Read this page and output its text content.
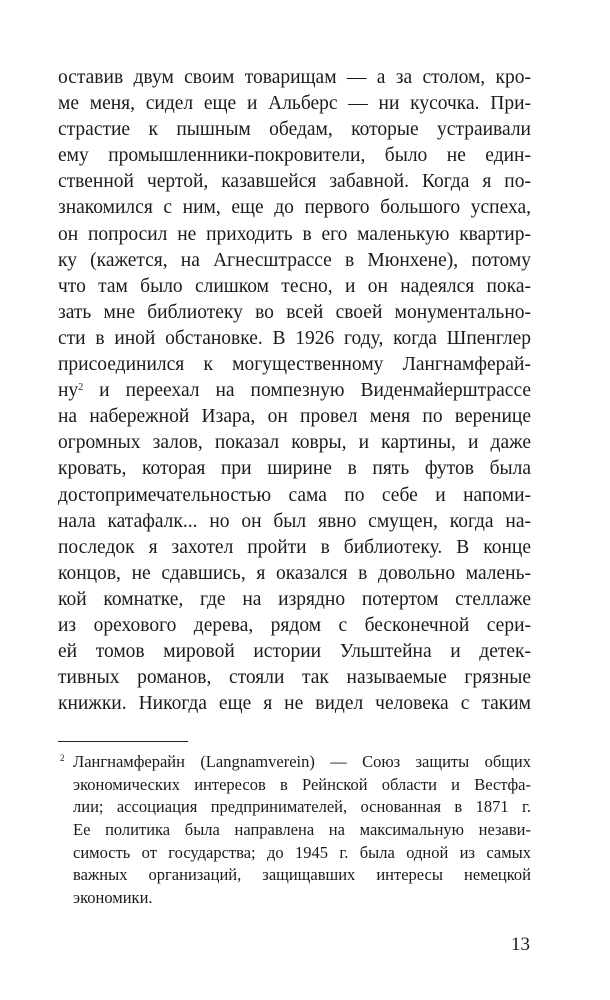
оставив двум своим товарищам — а за столом, кро-
ме меня, сидел еще и Альберс — ни кусочка. При-
страстие к пышным обедам, которые устраивали
ему промышленники-покровители, было не един-
ственной чертой, казавшейся забавной. Когда я по-
знакомился с ним, еще до первого большого успеха,
он попросил не приходить в его маленькую квартир-
ку (кажется, на Агнесштрассе в Мюнхене), потому
что там было слишком тесно, и он надеялся пока-
зать мне библиотеку во всей своей монументально-
сти в иной обстановке. В 1926 году, когда Шпенглер
присоединился к могущественному Лангнамферай-
$ну^2$ и переехал на помпезную Виденмайерштрассе
на набережной Изара, он провел меня по веренице
огромных залов, показал ковры, и картины, и даже
кровать, которая при ширине в пять футов была
достопримечательностью сама по себе и напоми-
нала катафалк... но он был явно смущен, когда на-
последок я захотел пройти в библиотеку. В конце
концов, не сдавшись, я оказался в довольно малень-
кой комнатке, где на изрядно потертом стеллаже
из орехового дерева, рядом с бесконечной сери-
ей томов мировой истории Ульштейна и детек-
тивных романов, стояли так называемые грязные
книжки. Никогда еще я не видел человека с таким
2 Лангнамферайн (Langnamverein) — Союз защиты общих
экономических интересов в Рейнской области и Вестфа-
лии; ассоциация предпринимателей, основанная в 1871 г.
Ее политика была направлена на максимальную незави-
симость от государства; до 1945 г. была одной из самых
важных организаций, защищавших интересы немецкой
экономики.
13
